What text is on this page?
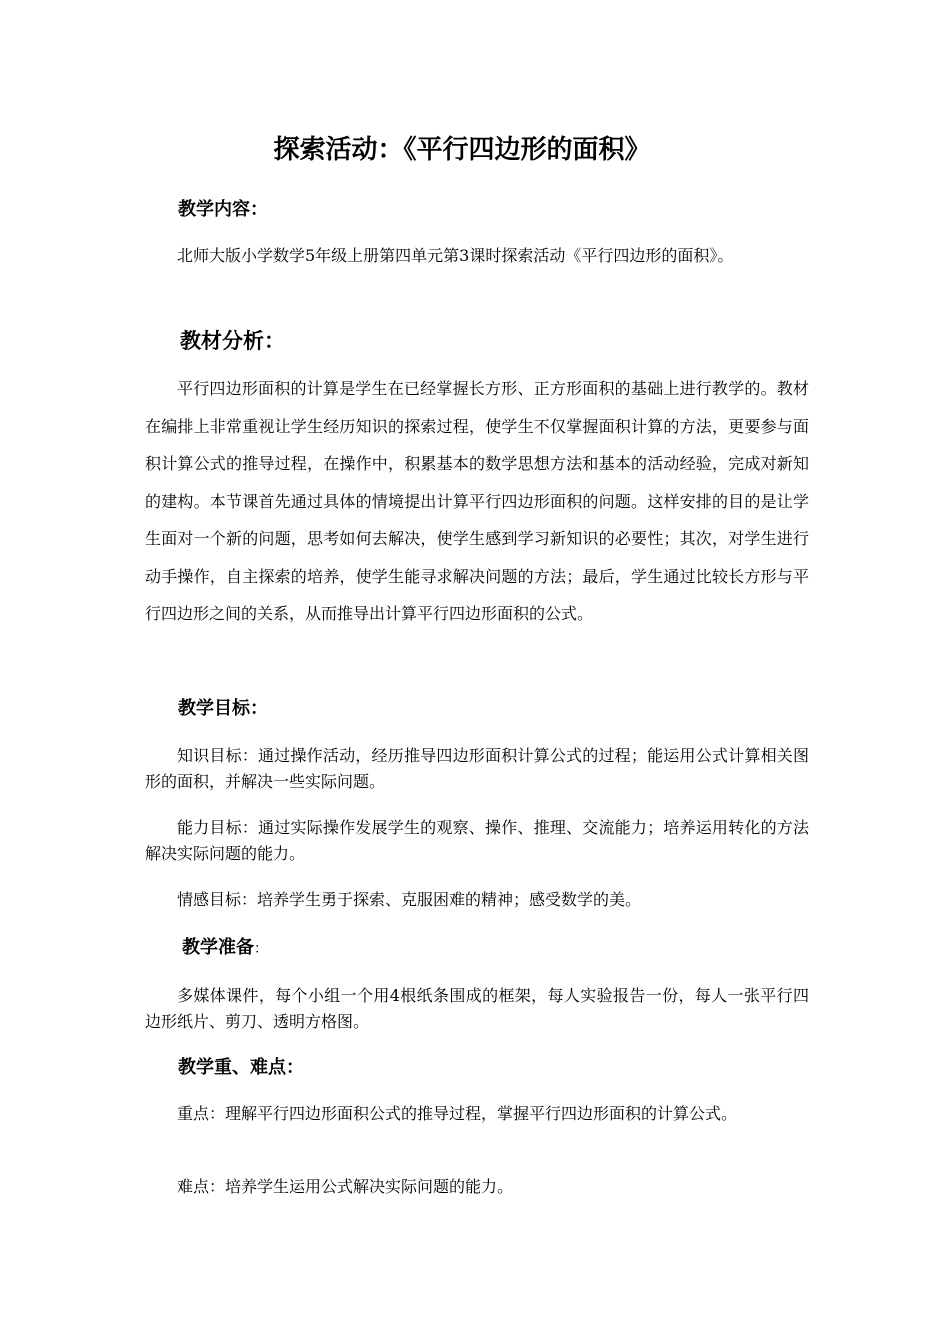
探索活动：《平行四边形的面积》
教学内容：

北师大版小学数学5年级上册第四单元第3课时探索活动《平行四边形的面积》。

教材分析：

平行四边形面积的计算是学生在已经掌握长方形、正方形面积的基础上进行教学的。教材在编排上非常重视让学生经历知识的探索过程，使学生不仅掌握面积计算的方法，更要参与面积计算公式的推导过程，在操作中，积累基本的数学思想方法和基本的活动经验，完成对新知的建构。本节课首先通过具体的情境提出计算平行四边形面积的问题。这样安排的目的是让学生面对一个新的问题，思考如何去解决，使学生感到学习新知识的必要性；其次，对学生进行动手操作，自主探索的培养，使学生能寻求解决问题的方法；最后，学生通过比较长方形与平行四边形之间的关系，从而推导出计算平行四边形面积的公式。

教学目标：

知识目标：通过操作活动，经历推导四边形面积计算公式的过程；能运用公式计算相关图形的面积，并解决一些实际问题。

能力目标：通过实际操作发展学生的观察、操作、推理、交流能力；培养运用转化的方法解决实际问题的能力。

情感目标：培养学生勇于探索、克服困难的精神；感受数学的美。

教学准备：

多媒体课件，每个小组一个用4根纸条围成的框架，每人实验报告一份，每人一张平行四边形纸片、剪刀、透明方格图。

教学重、难点：

重点：理解平行四边形面积公式的推导过程，掌握平行四边形面积的计算公式。

难点：培养学生运用公式解决实际问题的能力。
